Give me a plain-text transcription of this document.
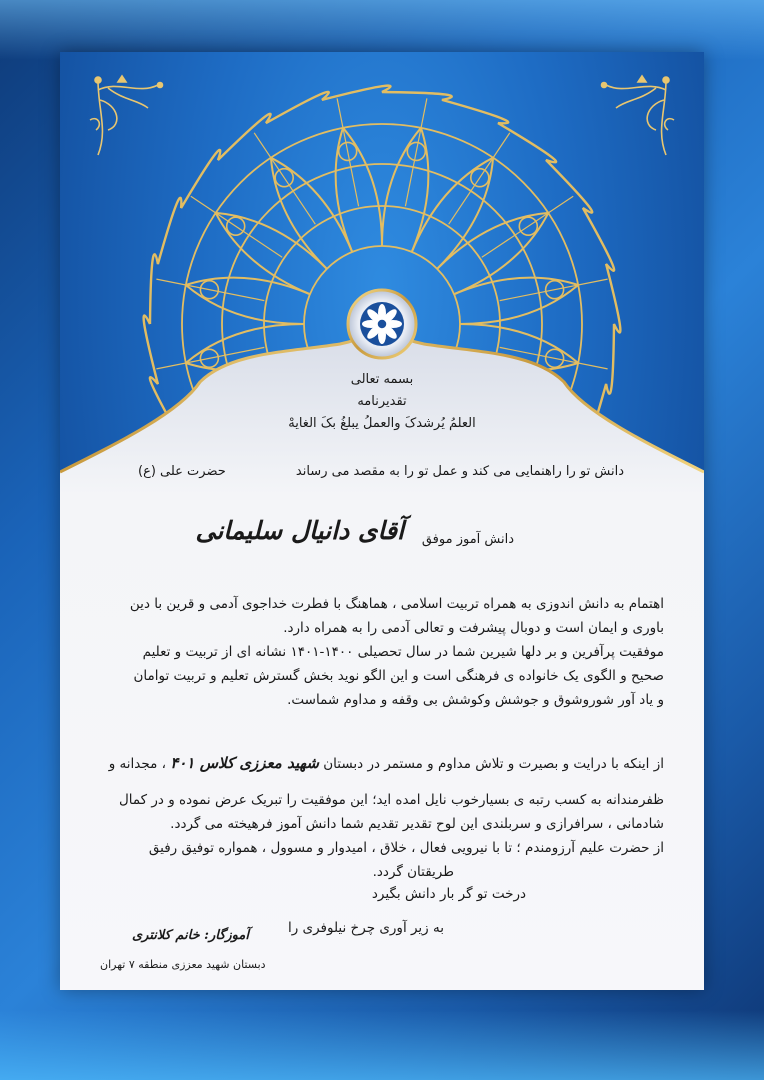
بسمه تعالی
تقدیرنامه
العلمُ یُرشدکَ والعملُ یبلغُ بکَ الغایهْ
دانش تو را راهنمایی می کند و عمل تو را به مقصد می رساند
حضرت علی (ع)
دانش آموز موفق
آقای دانیال سلیمانی
اهتمام به دانش اندوزی به همراه تربیت اسلامی ، هماهنگ با فطرت خداجوی آدمی و قرین با دین
باوری و ایمان است و دوبال پیشرفت و تعالی آدمی را به همراه دارد.
موفقیت پرآفرین و بر دلها شیرین شما در سال تحصیلی ۱۴۰۰-۱۴۰۱ نشانه ای از تربیت و تعلیم
صحیح و الگوی یک خانواده ی فرهنگی است و این الگو نوید بخش گسترش تعلیم و تربیت توامان
و یاد آور شوروشوق و جوشش وکوشش بی وقفه و مداوم شماست.
از اینکه با درایت و بصیرت و تلاش مداوم و مستمر در دبستان شهید معززی کلاس ۴۰۱ ، مجدانه و
ظفرمندانه به کسب رتبه ی بسیارخوب نایل امده اید؛ این موفقیت را تبریک عرض نموده و در کمال
شادمانی ، سرافرازی و سربلندی این لوح تقدیر تقدیم شما دانش آموز فرهیخته می گردد.
از حضرت علیم آرزومندم ؛ تا با نیرویی فعال ، خلاق ، امیدوار و مسوول ، همواره توفیق رفیق
طریقتان گردد.
درخت تو گر بار دانش بگیرد
به زیر آوری چرخ نیلوفری را
آموزگار: خانم کلانتری
دبستان شهید معززی منطقه ۷ تهران
